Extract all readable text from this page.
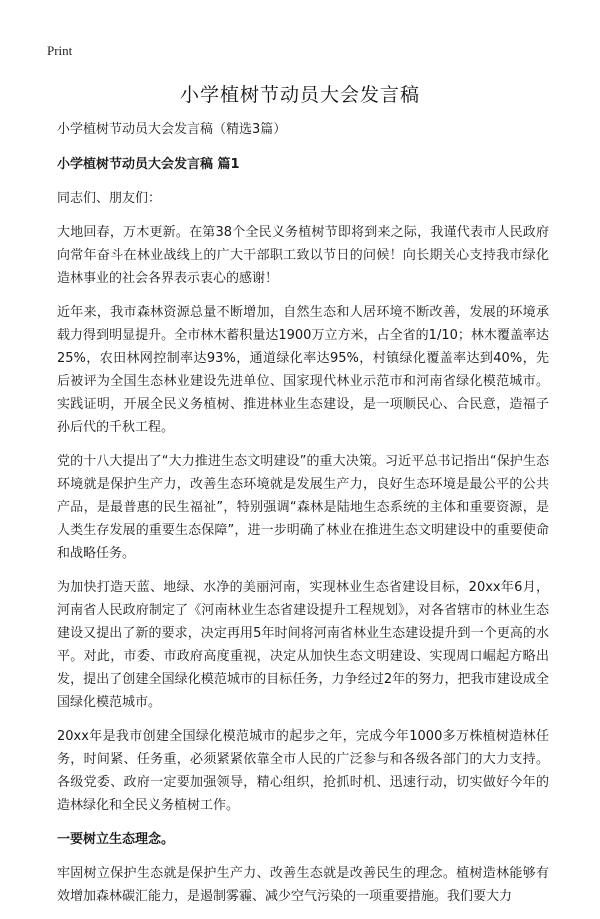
Print
小学植树节动员大会发言稿

小学植树节动员大会发言稿（精选3篇）

小学植树节动员大会发言稿 篇1

同志们、朋友们：

大地回春，万木更新。在第38个全民义务植树节即将到来之际，我谨代表市人民政府向常年奋斗在林业战线上的广大干部职工致以节日的问候！向长期关心支持我市绿化造林事业的社会各界表示衷心的感谢！

近年来，我市森林资源总量不断增加，自然生态和人居环境不断改善，发展的环境承载力得到明显提升。全市林木蓄积量达1900万立方米，占全省的1/10；林木覆盖率达25%，农田林网控制率达93%，通道绿化率达95%，村镇绿化覆盖率达到40%，先后被评为全国生态林业建设先进单位、国家现代林业示范市和河南省绿化模范城市。实践证明，开展全民义务植树、推进林业生态建设，是一项顺民心、合民意，造福子孙后代的千秋工程。

党的十八大提出了“大力推进生态文明建设”的重大决策。习近平总书记指出“保护生态环境就是保护生产力，改善生态环境就是发展生产力，良好生态环境是最公平的公共产品，是最普惠的民生福祉”，特别强调“森林是陆地生态系统的主体和重要资源，是人类生存发展的重要生态保障”，进一步明确了林业在推进生态文明建设中的重要使命和战略任务。

为加快打造天蓝、地绿、水净的美丽河南，实现林业生态省建设目标，20xx年6月，河南省人民政府制定了《河南林业生态省建设提升工程规划》，对各省辖市的林业生态建设又提出了新的要求，决定再用5年时间将河南省林业生态建设提升到一个更高的水平。对此，市委、市政府高度重视，决定从加快生态文明建设、实现周口崛起方略出发，提出了创建全国绿化模范城市的目标任务，力争经过2年的努力，把我市建设成全国绿化模范城市。

20xx年是我市创建全国绿化模范城市的起步之年，完成今年1000多万株植树造林任务，时间紧、任务重，必须紧紧依靠全市人民的广泛参与和各级各部门的大力支持。各级党委、政府一定要加强领导，精心组织，抢抓时机、迅速行动，切实做好今年的造林绿化和全民义务植树工作。

一要树立生态理念。

牢固树立保护生态就是保护生产力、改善生态就是改善民生的理念。植树造林能够有效增加森林碳汇能力，是遏制雾霾、减少空气污染的一项重要措施。我们要大力
